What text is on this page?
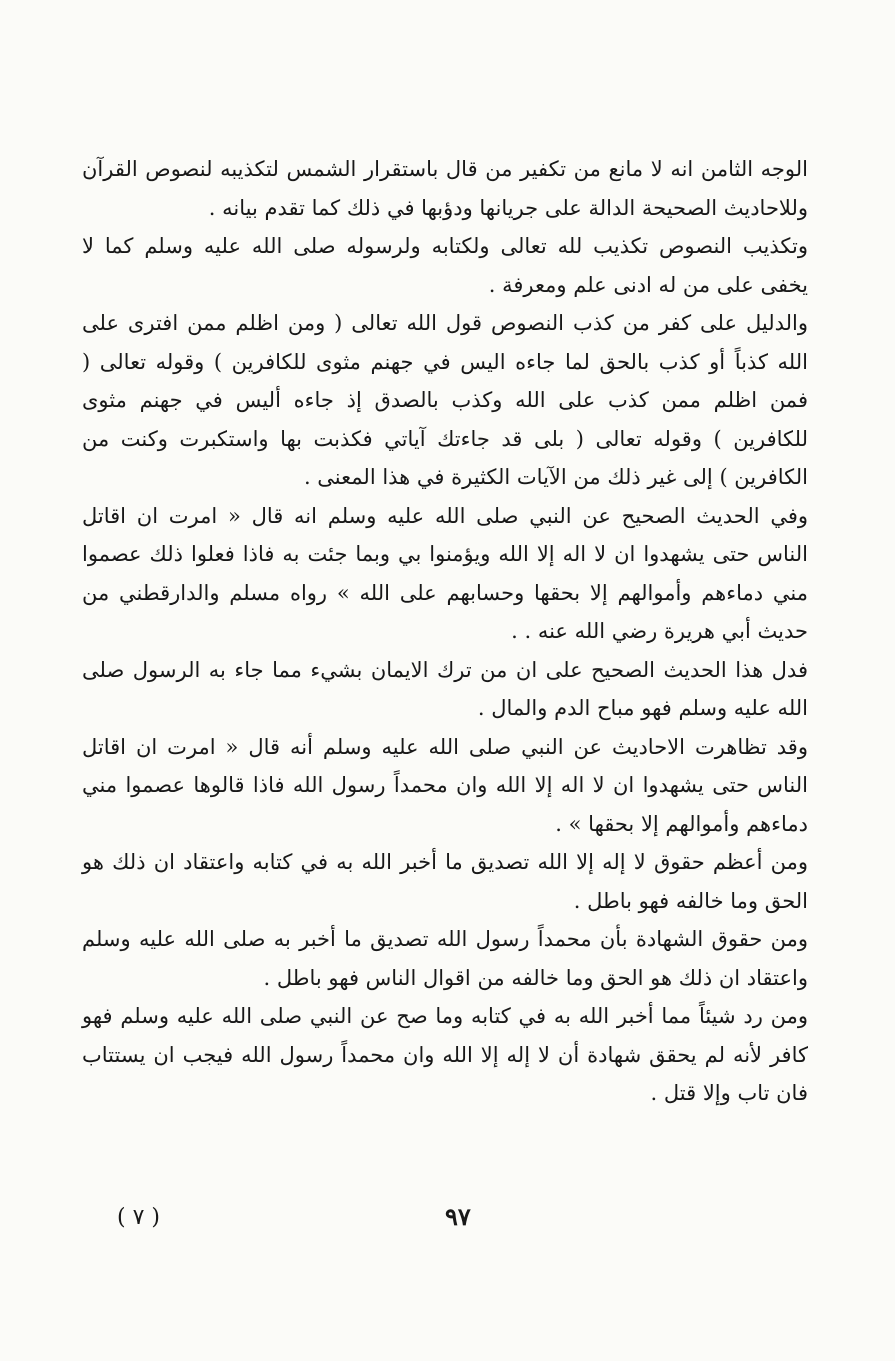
الوجه الثامن انه لا مانع من تكفير من قال باستقرار الشمس لتكذيبه لنصوص القرآن وللاحاديث الصحيحة الدالة على جريانها ودؤبها في ذلك كما تقدم بيانه .

وتكذيب النصوص تكذيب لله تعالى ولكتابه ولرسوله صلى الله عليه وسلم كما لا يخفى على من له ادنى علم ومعرفة .

والدليل على كفر من كذب النصوص قول الله تعالى ( ومن اظلم ممن افترى على الله كذباً أو كذب بالحق لما جاءه اليس في جهنم مثوى للكافرين ) وقوله تعالى ( فمن اظلم ممن كذب على الله وكذب بالصدق إذ جاءه أليس في جهنم مثوى للكافرين ) وقوله تعالى ( بلى قد جاءتك آياتي فكذبت بها واستكبرت وكنت من الكافرين ) إلى غير ذلك من الآيات الكثيرة في هذا المعنى .

وفي الحديث الصحيح عن النبي صلى الله عليه وسلم انه قال « امرت ان اقاتل الناس حتى يشهدوا ان لا اله إلا الله ويؤمنوا بي وبما جئت به فاذا فعلوا ذلك عصموا مني دماءهم وأموالهم إلا بحقها وحسابهم على الله » رواه مسلم والدارقطني من حديث أبي هريرة رضي الله عنه . .

فدل هذا الحديث الصحيح على ان من ترك الايمان بشيء مما جاء به الرسول صلى الله عليه وسلم فهو مباح الدم والمال .

وقد تظاهرت الاحاديث عن النبي صلى الله عليه وسلم أنه قال « امرت ان اقاتل الناس حتى يشهدوا ان لا اله إلا الله وان محمداً رسول الله فاذا قالوها عصموا مني دماءهم وأموالهم إلا بحقها » .

ومن أعظم حقوق لا إله إلا الله تصديق ما أخبر الله به في كتابه واعتقاد ان ذلك هو الحق وما خالفه فهو باطل .

ومن حقوق الشهادة بأن محمداً رسول الله تصديق ما أخبر به صلى الله عليه وسلم واعتقاد ان ذلك هو الحق وما خالفه من اقوال الناس فهو باطل .

ومن رد شيئاً مما أخبر الله به في كتابه وما صح عن النبي صلى الله عليه وسلم فهو كافر لأنه لم يحقق شهادة أن لا إله إلا الله وان محمداً رسول الله فيجب ان يستتاب فان تاب وإلا قتل .

( ٧ )	٩٧
